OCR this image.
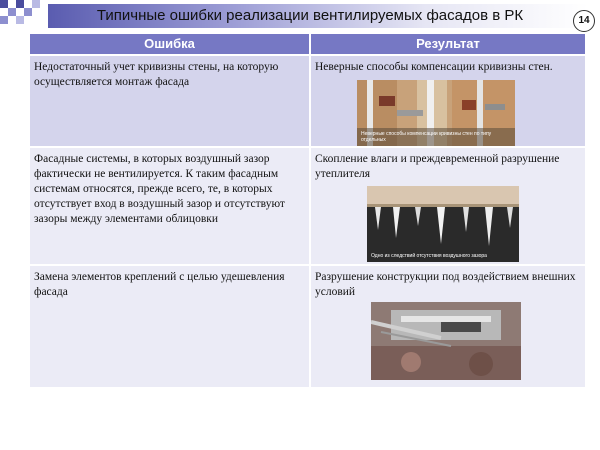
Типичные ошибки реализации вентилируемых фасадов в РК	14
Ошибка	Результат
Недостаточный учет кривизны стены, на которую осуществляется монтаж фасада
Неверные способы компенсации кривизны стен.
Неверные способы компенсации кривизны стен по типу отдельных
Фасадные системы, в которых воздушный зазор фактически не вентилируется. К таким фасадным системам относятся, прежде всего, те, в которых отсутствует вход в воздушный зазор и отсутствуют зазоры между элементами облицовки
Скопление влаги и преждевременной разрушение утеплителя
Одно из следствий отсутствия воздушного зазора
Замена элементов креплений с целью удешевления фасада
Разрушение конструкции под воздействием внешних условий
